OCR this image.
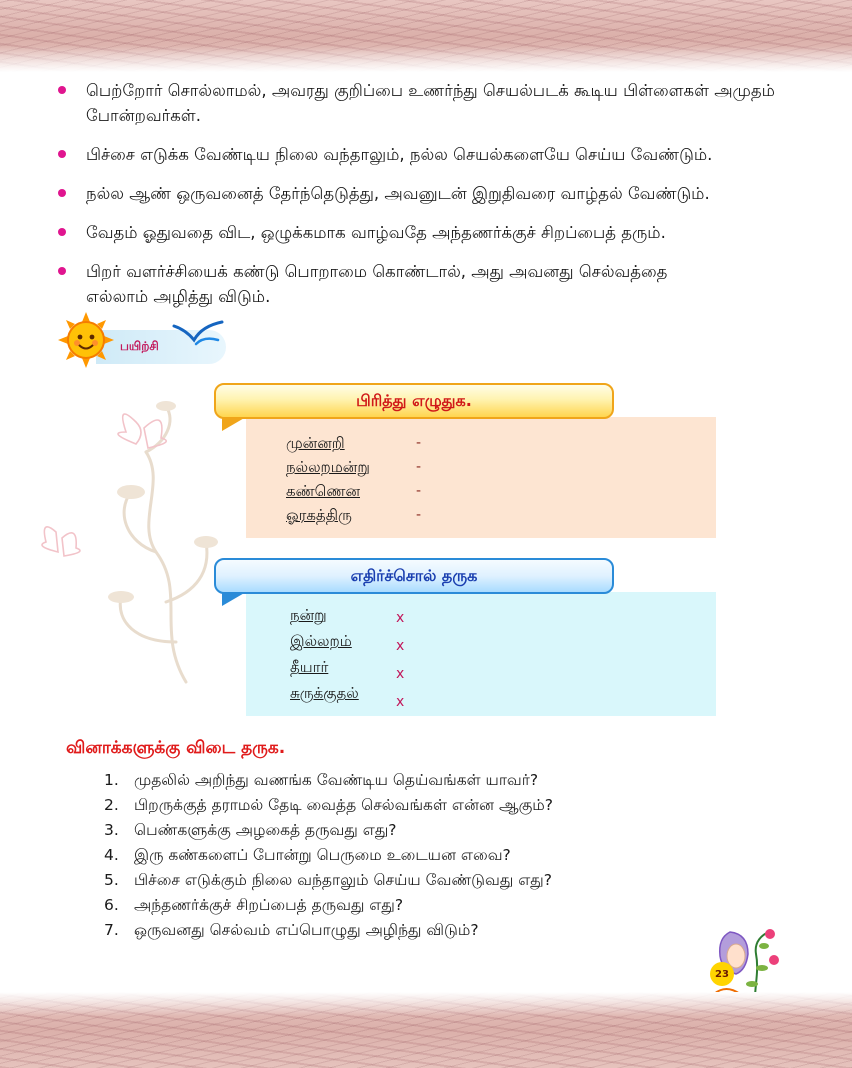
பெற்றோர் சொல்லாமல், அவரது குறிப்பை உணர்ந்து செயல்படக் கூடிய பிள்ளைகள் அமுதம் போன்றவர்கள்.
பிச்சை எடுக்க வேண்டிய நிலை வந்தாலும், நல்ல செயல்களையே செய்ய வேண்டும்.
நல்ல ஆண் ஒருவனைத் தேர்ந்தெடுத்து, அவனுடன் இறுதிவரை வாழ்தல் வேண்டும்.
வேதம் ஓதுவதை விட, ஒழுக்கமாக வாழ்வதே அந்தணர்க்குச் சிறப்பைத் தரும்.
பிறர் வளர்ச்சியைக் கண்டு பொறாமை கொண்டால், அது அவனது செல்வத்தை எல்லாம் அழித்து விடும்.
பயிற்சி
பிரித்து எழுதுக.
முன்னறி
நல்லறமன்று
கண்ணென
ஓரகத்திரு
-
-
-
-
எதிர்ச்சொல் தருக
நன்று
இல்லறம்
தீயார்
சுருக்குதல்
x
x
x
x
வினாக்களுக்கு விடை தருக.
1. முதலில் அறிந்து வணங்க வேண்டிய தெய்வங்கள் யாவர்?
2. பிறருக்குத் தராமல் தேடி வைத்த செல்வங்கள் என்ன ஆகும்?
3. பெண்களுக்கு அழகைத் தருவது எது?
4. இரு கண்களைப் போன்று பெருமை உடையன எவை?
5. பிச்சை எடுக்கும் நிலை வந்தாலும் செய்ய வேண்டுவது எது?
6. அந்தணர்க்குச் சிறப்பைத் தருவது எது?
7. ஒருவனது செல்வம் எப்பொழுது அழிந்து விடும்?
23
